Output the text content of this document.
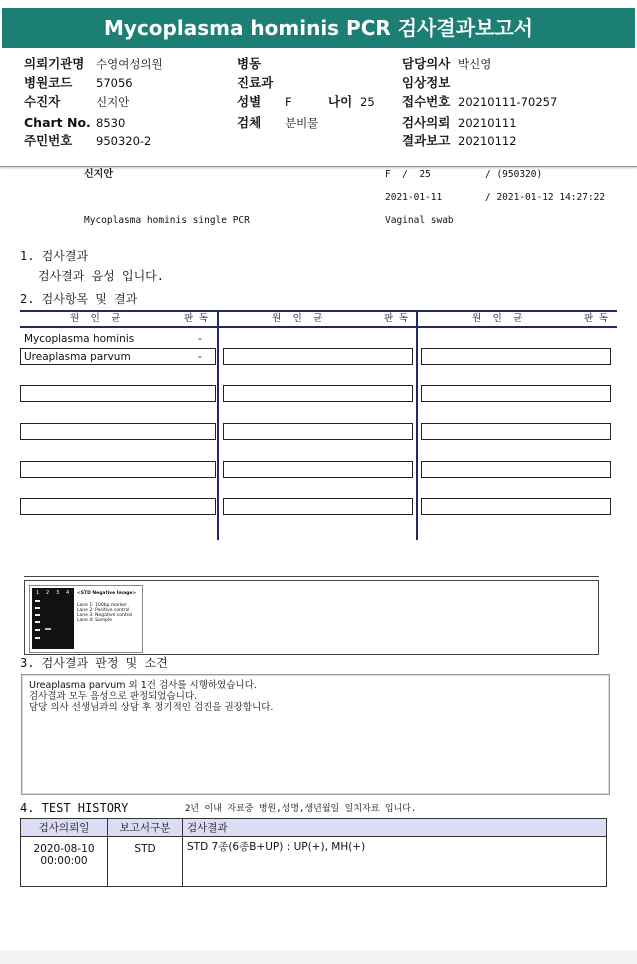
Mycoplasma hominis PCR 검사결과보고서
의뢰기관명 수영여성의원
병원코드 57056
수진자	신지안
Chart No. 8530
주민번호 950320-2
병동
진료과
성별 F	나이 25
검체 분비물
담당의사 박신영
임상정보
접수번호 20210111-70257
검사의뢰 20210111
결과보고 20210112
신지안	F  /  25	/ (950320)
2021-01-11	/ 2021-01-12 14:27:22
Mycoplasma hominis single PCR	Vaginal swab
1. 검사결과
검사결과 음성 입니다.
2. 검사항목 및 결과
원  인  균	판 독	원  인  균	판 독	원  인  균	판 독
Mycoplasma hominis	-
Ureaplasma parvum	-
1 2 3 4 <STD Negative Image>
Lane 1: 100bp marker
Lane 2: Positive control
Lane 3: Negative control
Lane 4: Sample
3. 검사결과 판정 및 소견
Ureaplasma parvum 외 1건 검사를 시행하였습니다.
검사결과 모두 음성으로 판정되었습니다.
담당 의사 선생님과의 상담 후 정기적인 검진을 권장합니다.
4. TEST HISTORY	2년 이내 자료중 병원,성명,생년월일 일치자료 입니다.
검사의뢰일	보고서구분	검사결과

2020-08-10
00:00:00	STD	STD 7종(6종B+UP) : UP(+), MH(+)
